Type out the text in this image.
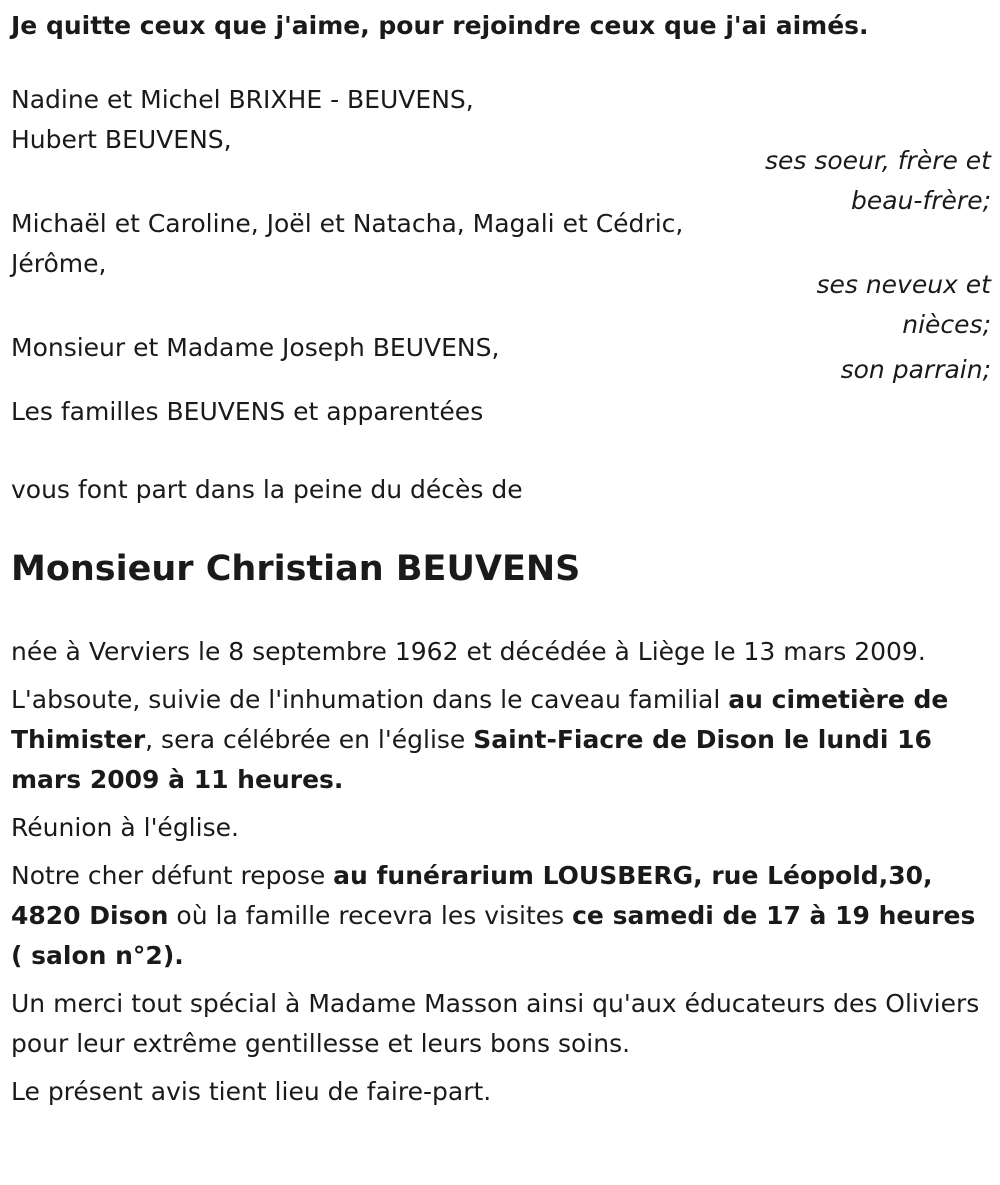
Je quitte ceux que j'aime, pour rejoindre ceux que j'ai aimés.
Nadine et Michel BRIXHE - BEUVENS,
Hubert BEUVENS,
ses soeur, frère et
beau-frère;
Michaël et Caroline, Joël et Natacha, Magali et Cédric,
Jérôme,
ses neveux et
nièces;
Monsieur et Madame Joseph BEUVENS,
son parrain;
Les familles BEUVENS et apparentées
vous font part dans la peine du décès de
Monsieur Christian BEUVENS
née à Verviers le 8 septembre 1962 et décédée à Liège le 13 mars 2009.
L'absoute, suivie de l'inhumation dans le caveau familial au cimetière de Thimister, sera célébrée en l'église Saint-Fiacre de Dison le lundi 16 mars 2009 à 11 heures.
Réunion à l'église.
Notre cher défunt repose au funérarium LOUSBERG, rue Léopold,30, 4820 Dison où la famille recevra les visites ce samedi de 17 à 19 heures ( salon n°2).
Un merci tout spécial à Madame Masson ainsi qu'aux éducateurs des Oliviers pour leur extrême gentillesse et leurs bons soins.
Le présent avis tient lieu de faire-part.
